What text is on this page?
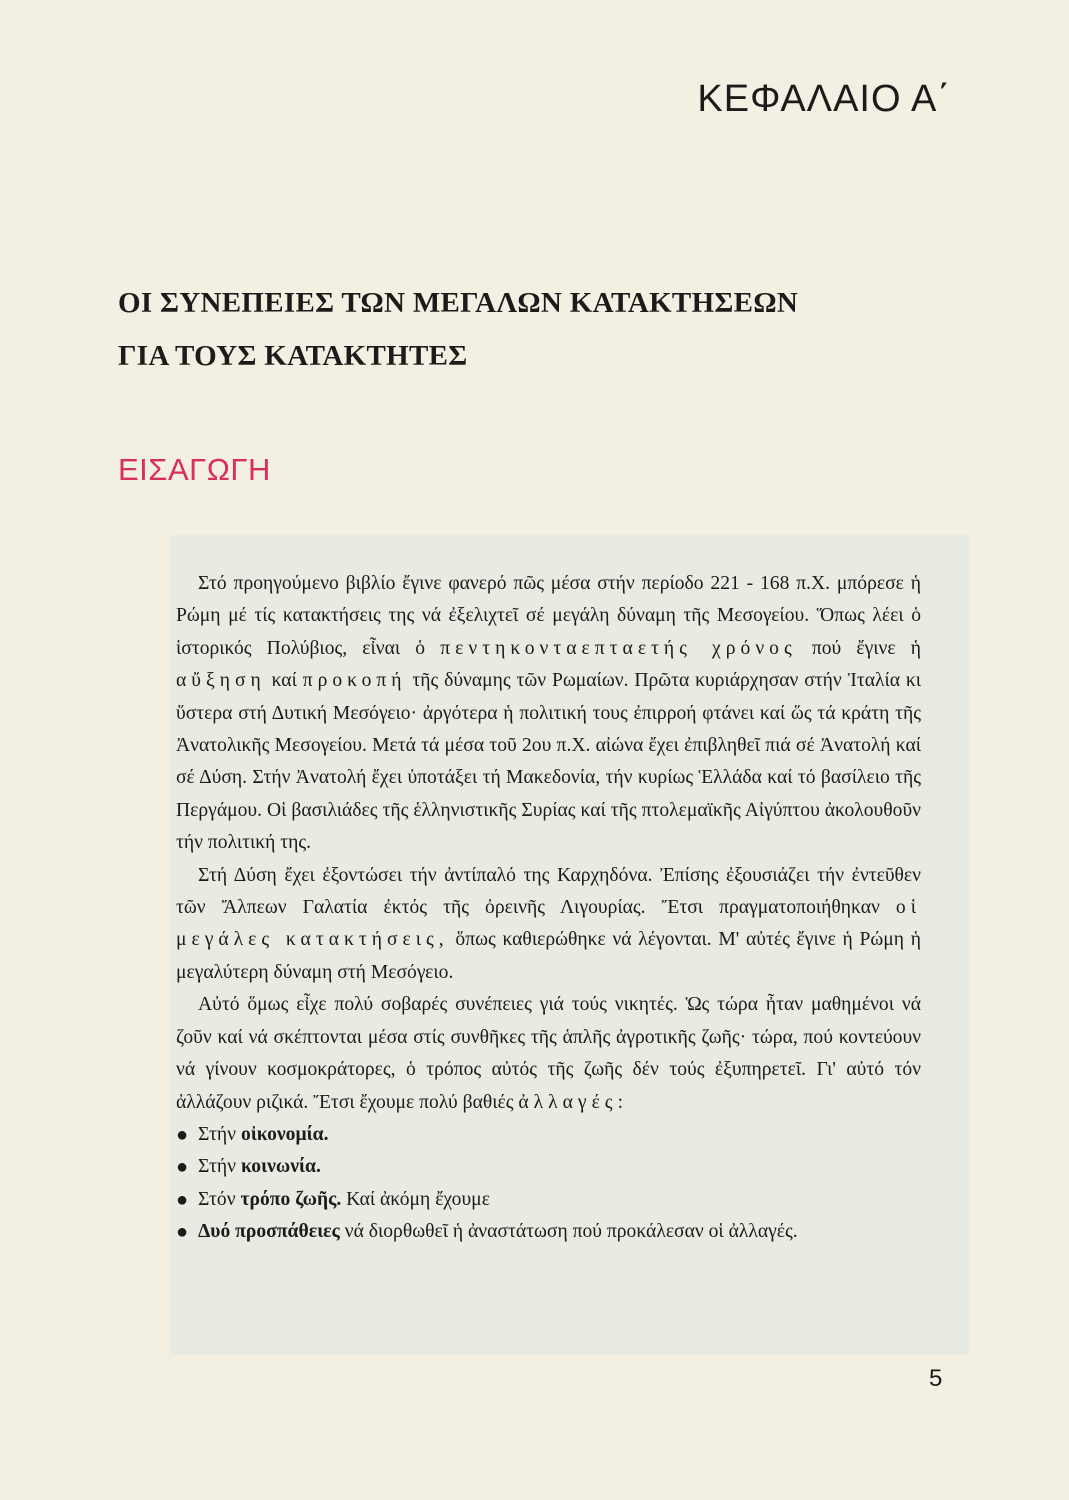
ΚΕΦΑΛΑΙΟ Α΄
ΟΙ ΣΥΝΕΠΕΙΕΣ ΤΩΝ ΜΕΓΑΛΩΝ ΚΑΤΑΚΤΗΣΕΩΝ
ΓΙΑ ΤΟΥΣ ΚΑΤΑΚΤΗΤΕΣ
ΕΙΣΑΓΩΓΗ

Στό προηγούμενο βιβλίο ἔγινε φανερό πῶς μέσα στήν περίοδο 221 - 168 π.Χ. μπόρεσε ἡ Ρώμη μέ τίς κατακτήσεις της νά ἐξελιχτεῖ σέ μεγάλη δύναμη τῆς Μεσογείου. Ὅπως λέει ὁ ἱστορικός Πολύβιος, εἶναι ὁ πεντηκονταεπταετής χρόνος πού ἔγινε ἡ αὔξηση καί προκοπή τῆς δύναμης τῶν Ρωμαίων. Πρῶτα κυριάρχησαν στήν Ἰταλία κι ὕστερα στή Δυτική Μεσόγειο· ἀργότερα ἡ πολιτική τους ἐπιρροή φτάνει καί ὥς τά κράτη τῆς Ἀνατολικῆς Μεσογείου. Μετά τά μέσα τοῦ 2ου π.Χ. αἰώνα ἔχει ἐπιβληθεῖ πιά σέ Ἀνατολή καί σέ Δύση. Στήν Ἀνατολή ἔχει ὑποτάξει τή Μακεδονία, τήν κυρίως Ἑλλάδα καί τό βασίλειο τῆς Περγάμου. Οἱ βασιλιάδες τῆς ἑλληνιστικῆς Συρίας καί τῆς πτολεμαϊκῆς Αἰγύπτου ἀκολουθοῦν τήν πολιτική της.

Στή Δύση ἔχει ἐξοντώσει τήν ἀντίπαλό της Καρχηδόνα. Ἐπίσης ἐξουσιάζει τήν ἐντεῦθεν τῶν Ἄλπεων Γαλατία ἐκτός τῆς ὀρεινῆς Λιγουρίας. Ἔτσι πραγματοποιήθηκαν οἱ μεγάλες κατακτήσεις, ὅπως καθιερώθηκε νά λέγονται. Μ' αὐτές ἔγινε ἡ Ρώμη ἡ μεγαλύτερη δύναμη στή Μεσόγειο.

Αὐτό ὅμως εἶχε πολύ σοβαρές συνέπειες γιά τούς νικητές. Ὡς τώρα ἦταν μαθημένοι νά ζοῦν καί νά σκέπτονται μέσα στίς συνθῆκες τῆς ἁπλῆς ἀγροτικῆς ζωῆς· τώρα, πού κοντεύουν νά γίνουν κοσμοκράτορες, ὁ τρόπος αὐτός τῆς ζωῆς δέν τούς ἐξυπηρετεῖ. Γι' αὐτό τόν ἀλλάζουν ριζικά. Ἔτσι ἔχουμε πολύ βαθιές ἀλλαγές:

● Στήν οἰκονομία.
● Στήν κοινωνία.
● Στόν τρόπο ζωῆς. Καί ἀκόμη ἔχουμε
● Δυό προσπάθειες νά διορθωθεῖ ἡ ἀναστάτωση πού προκάλεσαν οἱ ἀλλαγές.
5
